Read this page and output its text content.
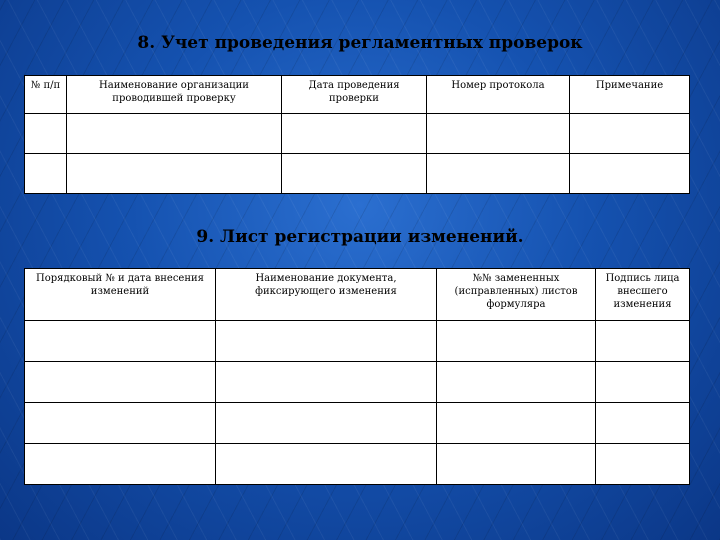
8. Учет проведения регламентных проверок
№ п/п	Наименование организации проводившей проверку	Дата проведения проверки	Номер протокола	Примечание

9. Лист регистрации изменений.
Порядковый № и дата внесения изменений	Наименование документа, фиксирующего изменения	№№ замененных (исправленных) листов формуляра	Подпись лица внесшего изменения
